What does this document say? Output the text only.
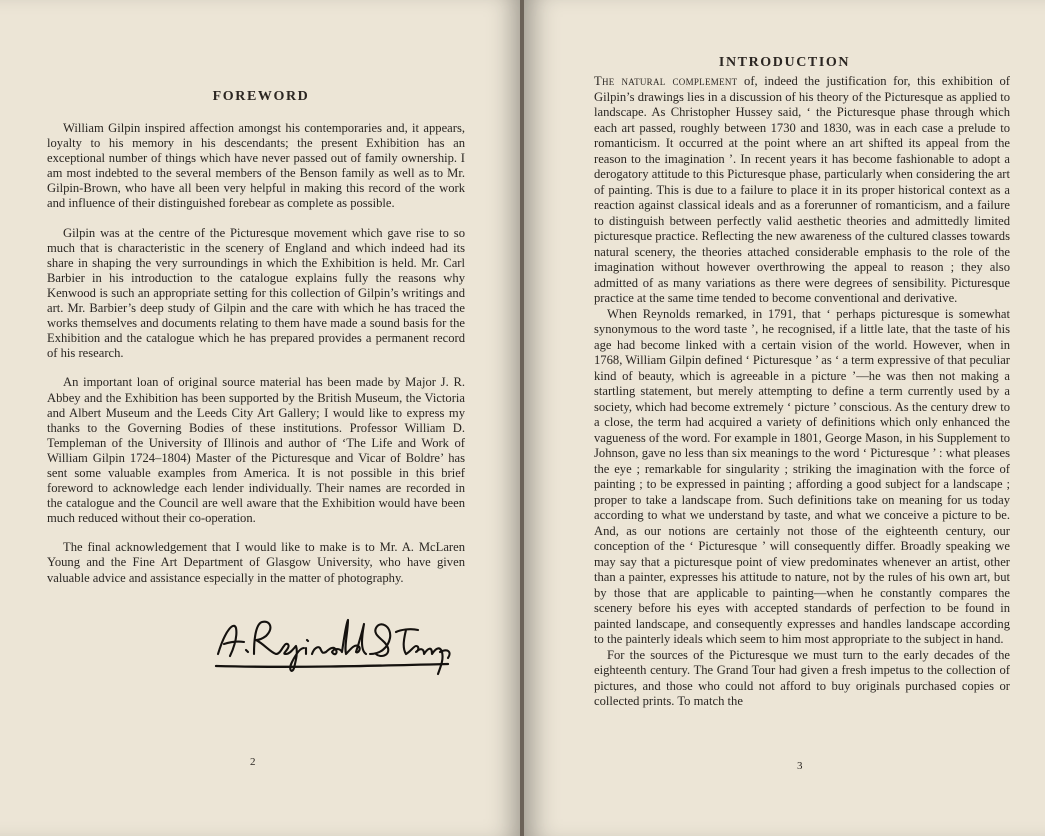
FOREWORD

William Gilpin inspired affection amongst his contemporaries and, it appears, loyalty to his memory in his descendants; the present Exhibition has an exceptional number of things which have never passed out of family ownership. I am most indebted to the several members of the Benson family as well as to Mr. Gilpin-Brown, who have all been very helpful in making this record of the work and influence of their distinguished forebear as complete as possible.

Gilpin was at the centre of the Picturesque movement which gave rise to so much that is characteristic in the scenery of England and which indeed had its share in shaping the very surroundings in which the Exhibition is held. Mr. Carl Barbier in his introduction to the catalogue explains fully the reasons why Kenwood is such an appropriate setting for this collection of Gilpin’s writings and art. Mr. Barbier’s deep study of Gilpin and the care with which he has traced the works themselves and documents relating to them have made a sound basis for the Exhibition and the catalogue which he has prepared provides a permanent record of his research.

An important loan of original source material has been made by Major J. R. Abbey and the Exhibition has been supported by the British Museum, the Victoria and Albert Museum and the Leeds City Art Gallery; I would like to express my thanks to the Governing Bodies of these institutions. Professor William D. Templeman of the University of Illinois and author of ‘The Life and Work of William Gilpin 1724–1804) Master of the Picturesque and Vicar of Boldre’ has sent some valuable examples from America. It is not possible in this brief foreword to acknowledge each lender individually. Their names are recorded in the catalogue and the Council are well aware that the Exhibition would have been much reduced without their co-operation.

The final acknowledgement that I would like to make is to Mr. A. McLaren Young and the Fine Art Department of Glasgow University, who have given valuable advice and assistance especially in the matter of photography.

2
INTRODUCTION

The natural complement of, indeed the justification for, this exhibition of Gilpin’s drawings lies in a discussion of his theory of the Picturesque as applied to landscape. As Christopher Hussey said, ‘ the Picturesque phase through which each art passed, roughly between 1730 and 1830, was in each case a prelude to romanticism. It occurred at the point where an art shifted its appeal from the reason to the imagination ’. In recent years it has become fashionable to adopt a derogatory attitude to this Picturesque phase, particularly when considering the art of painting. This is due to a failure to place it in its proper historical context as a reaction against classical ideals and as a forerunner of romanticism, and a failure to distinguish between perfectly valid aesthetic theories and admittedly limited picturesque practice. Reflecting the new awareness of the cultured classes towards natural scenery, the theories attached considerable emphasis to the role of the imagination without however overthrowing the appeal to reason ; they also admitted of as many variations as there were degrees of sensibility. Picturesque practice at the same time tended to become conventional and derivative.

When Reynolds remarked, in 1791, that ‘ perhaps picturesque is somewhat synonymous to the word taste ’, he recognised, if a little late, that the taste of his age had become linked with a certain vision of the world. However, when in 1768, William Gilpin defined ‘ Picturesque ’ as ‘ a term expressive of that peculiar kind of beauty, which is agreeable in a picture ’—he was then not making a startling statement, but merely attempting to define a term currently used by a society, which had become extremely ‘ picture ’ conscious. As the century drew to a close, the term had acquired a variety of definitions which only enhanced the vagueness of the word. For example in 1801, George Mason, in his Supplement to Johnson, gave no less than six meanings to the word ‘ Picturesque ’ : what pleases the eye ; remarkable for singularity ; striking the imagination with the force of painting ; to be expressed in painting ; affording a good subject for a landscape ; proper to take a landscape from. Such definitions take on meaning for us today according to what we understand by taste, and what we conceive a picture to be. And, as our notions are certainly not those of the eighteenth century, our conception of the ‘ Picturesque ’ will consequently differ. Broadly speaking we may say that a picturesque point of view predominates whenever an artist, other than a painter, expresses his attitude to nature, not by the rules of his own art, but by those that are applicable to painting—when he constantly compares the scenery before his eyes with accepted standards of perfection to be found in painted landscape, and consequently expresses and handles landscape according to the painterly ideals which seem to him most appropriate to the subject in hand.

For the sources of the Picturesque we must turn to the early decades of the eighteenth century. The Grand Tour had given a fresh impetus to the collection of pictures, and those who could not afford to buy originals purchased copies or collected prints. To match the

3
